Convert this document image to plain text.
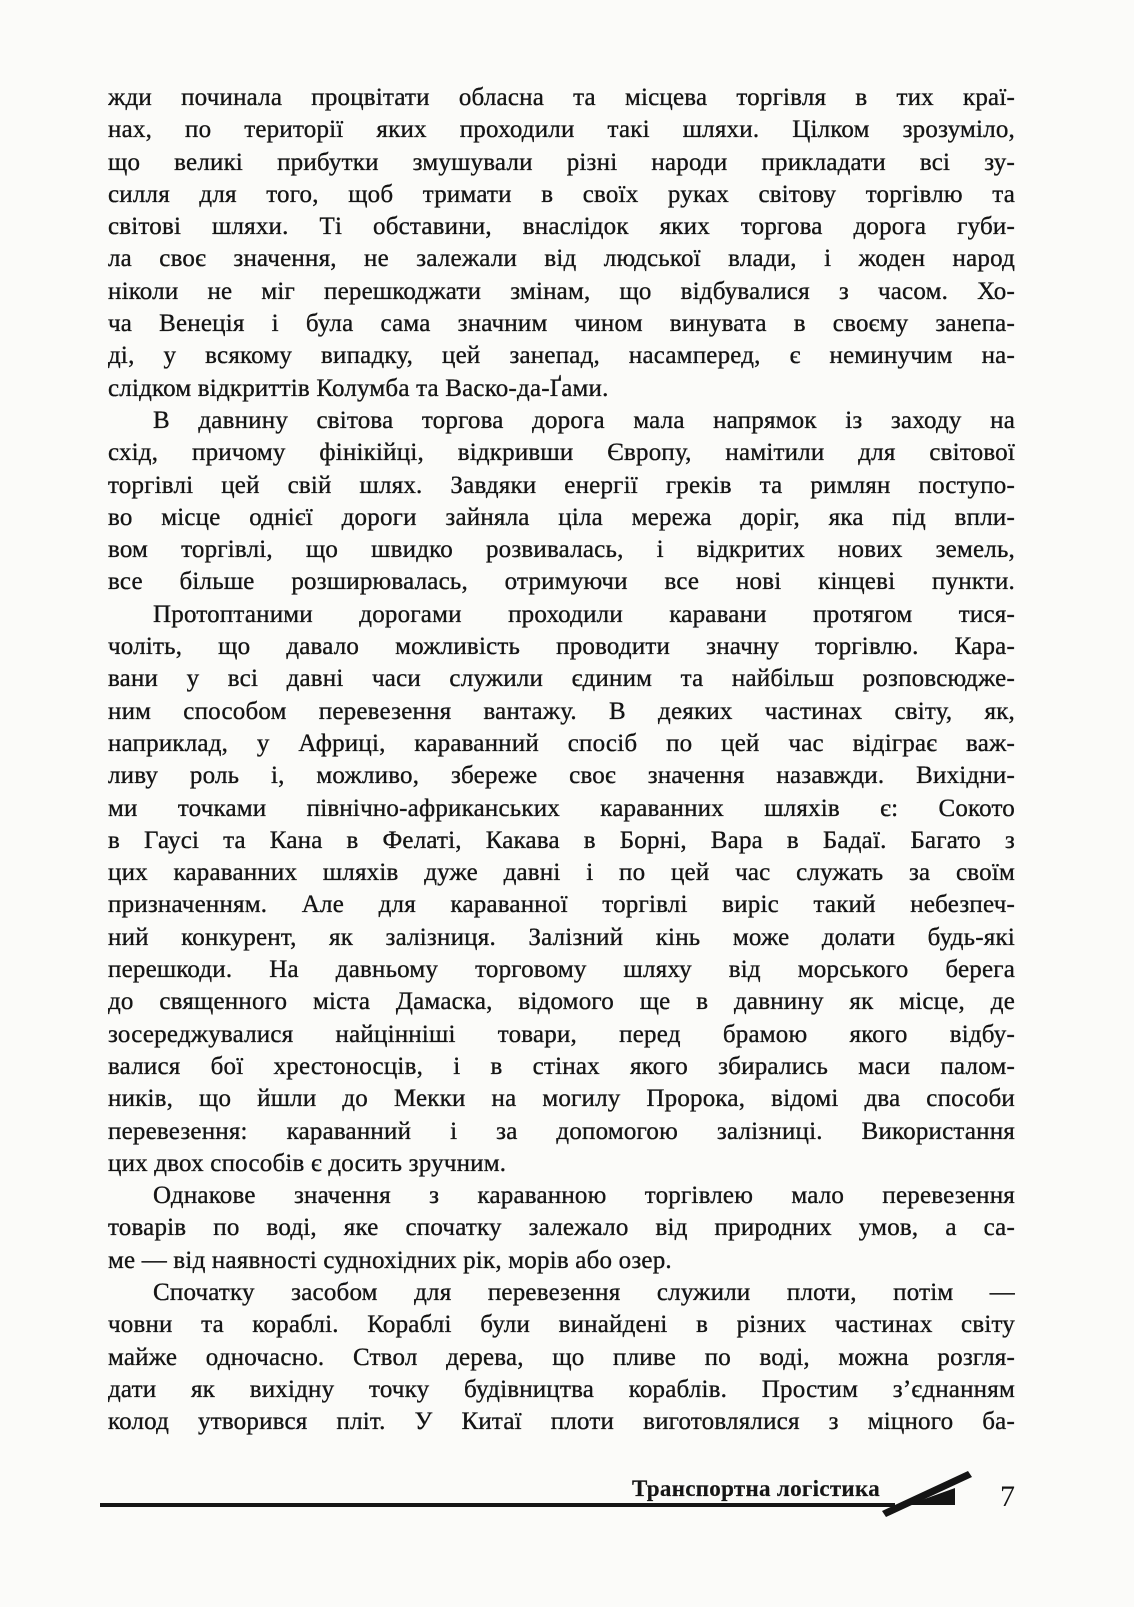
жди починала процвітати обласна та місцева торгівля в тих краї-
нах, по території яких проходили такі шляхи. Цілком зрозуміло,
що великі прибутки змушували різні народи прикладати всі зу-
силля для того, щоб тримати в своїх руках світову торгівлю та
світові шляхи. Ті обставини, внаслідок яких торгова дорога губи-
ла своє значення, не залежали від людської влади, і жоден народ
ніколи не міг перешкоджати змінам, що відбувалися з часом. Хо-
ча Венеція і була сама значним чином винувата в своєму занепа-
ді, у всякому випадку, цей занепад, насамперед, є неминучим на-
слідком відкриттів Колумба та Васко-да-Ґами.
В давнину світова торгова дорога мала напрямок із заходу на
схід, причому фінікійці, відкривши Європу, намітили для світової
торгівлі цей свій шлях. Завдяки енергії греків та римлян поступо-
во місце однієї дороги зайняла ціла мережа доріг, яка під впли-
вом торгівлі, що швидко розвивалась, і відкритих нових земель,
все більше розширювалась, отримуючи все нові кінцеві пункти.
Протоптаними дорогами проходили каравани протягом тися-
чоліть, що давало можливість проводити значну торгівлю. Кара-
вани у всі давні часи служили єдиним та найбільш розповсюдже-
ним способом перевезення вантажу. В деяких частинах світу, як,
наприклад, у Африці, караванний спосіб по цей час відіграє важ-
ливу роль і, можливо, збереже своє значення назавжди. Вихідни-
ми точками північно-африканських караванних шляхів є: Сокото
в Гаусі та Кана в Фелаті, Какава в Борні, Вара в Бадаї. Багато з
цих караванних шляхів дуже давні і по цей час служать за своїм
призначенням. Але для караванної торгівлі виріс такий небезпеч-
ний конкурент, як залізниця. Залізний кінь може долати будь-які
перешкоди. На давньому торговому шляху від морського берега
до священного міста Дамаска, відомого ще в давнину як місце, де
зосереджувалися найцінніші товари, перед брамою якого відбу-
валися бої хрестоносців, і в стінах якого збирались маси палом-
ників, що йшли до Мекки на могилу Пророка, відомі два способи
перевезення: караванний і за допомогою залізниці. Використання
цих двох способів є досить зручним.
Однакове значення з караванною торгівлею мало перевезення
товарів по воді, яке спочатку залежало від природних умов, а са-
ме — від наявності суднохідних рік, морів або озер.
Спочатку засобом для перевезення служили плоти, потім —
човни та кораблі. Кораблі були винайдені в різних частинах світу
майже одночасно. Ствол дерева, що пливе по воді, можна розгля-
дати як вихідну точку будівництва кораблів. Простим з’єднанням
колод утворився пліт. У Китаї плоти виготовлялися з міцного ба-
Транспортна логістика	7
